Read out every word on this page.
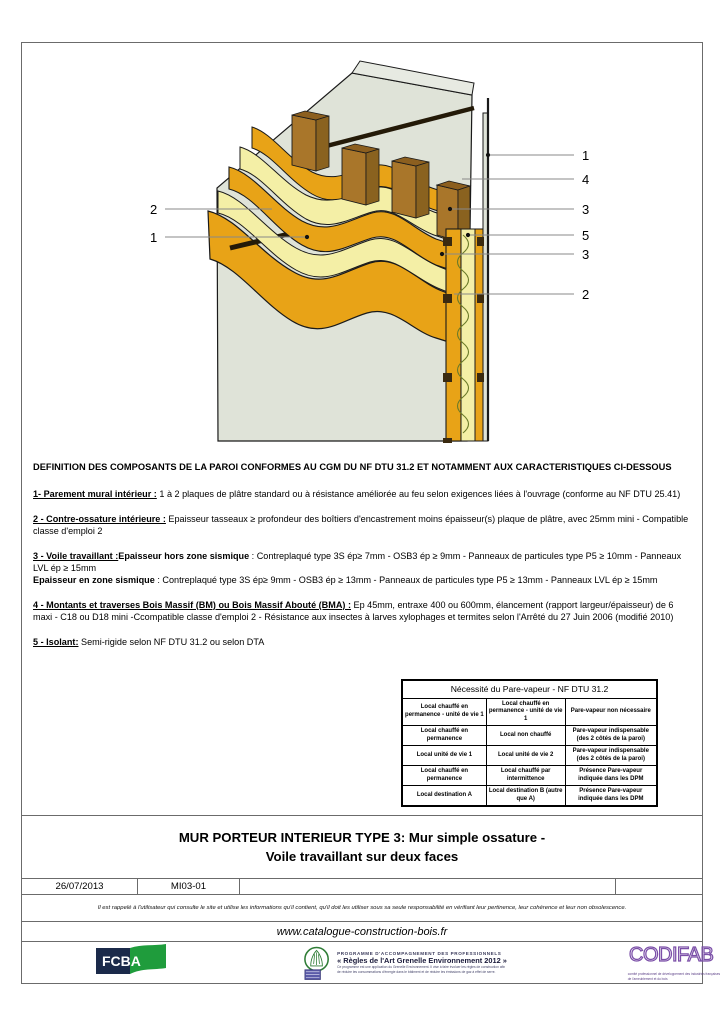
1
4
3
5
3
2
2
1
DEFINITION DES COMPOSANTS DE LA PAROI CONFORMES AU CGM DU NF DTU 31.2 ET NOTAMMENT AUX CARACTERISTIQUES CI-DESSOUS

1- Parement mural intérieur : 1 à 2 plaques de plâtre standard ou à résistance améliorée au feu selon exigences liées à l'ouvrage (conforme au NF DTU 25.41)

2 - Contre-ossature intérieure : Epaisseur tasseaux ≥ profondeur des boîtiers d'encastrement moins épaisseur(s) plaque de plâtre, avec 25mm mini - Compatible classe d'emploi 2

3 - Voile travaillant :Epaisseur hors zone sismique : Contreplaqué type 3S ép≥ 7mm - OSB3 ép ≥ 9mm - Panneaux de particules type P5 ≥ 10mm - Panneaux LVL ép ≥ 15mm
Epaisseur en zone sismique : Contreplaqué type 3S ép≥ 9mm - OSB3 ép ≥ 13mm - Panneaux de particules type P5 ≥ 13mm - Panneaux LVL ép ≥ 15mm

4 - Montants et traverses Bois Massif (BM) ou Bois Massif Abouté (BMA) : Ep 45mm, entraxe 400 ou 600mm, élancement (rapport largeur/épaisseur) de 6 maxi - C18 ou D18 mini -Ccompatible classe d'emploi 2 - Résistance aux insectes à larves xylophages et termites selon l'Arrêté du 27 Juin 2006 (modifié 2010)

5 - Isolant: Semi-rigide selon NF DTU 31.2 ou selon DTA

Nécessité du Pare-vapeur - NF DTU 31.2		
Local chauffé en permanence - unité de vie 1	Local chauffé en permanence - unité de vie 1	Pare-vapeur non nécessaire
Local chauffé en permanence	Local non chauffé	Pare-vapeur indispensable (des 2 côtés de la paroi)
Local unité de vie 1	Local unité de vie 2	Pare-vapeur indispensable (des 2 côtés de la paroi)
Local chauffé en permanence	Local chauffé par intermittence	Présence Pare-vapeur indiquée dans les DPM
Local destination A	Local destination B (autre que A)	Présence Pare-vapeur indiquée dans les DPM
MUR PORTEUR INTERIEUR TYPE 3: Mur simple ossature -
Voile travaillant sur deux faces
26/07/2013	MI03-01
Il est rappelé à l'utilisateur qui consulte le site et utilise les informations qu'il contient, qu'il doit les utiliser sous sa seule responsabilité en vérifiant leur pertinence, leur cohérence et leur non obsolescence.
www.catalogue-construction-bois.fr
FCBA	PROGRAMME D'ACCOMPAGNEMENT DES PROFESSIONNELS
« Règles de l'Art Grenelle Environnement 2012 »
Ce programme est une application du Grenelle Environnement. Il vise à faire évoluer les règles de construction afin de réduire les consommations d'énergie dans le bâtiment et de réduire les émissions de gaz à effet de serre.
CODIFAB
comité professionnel de développement des industries françaises de l'ameublement et du bois
